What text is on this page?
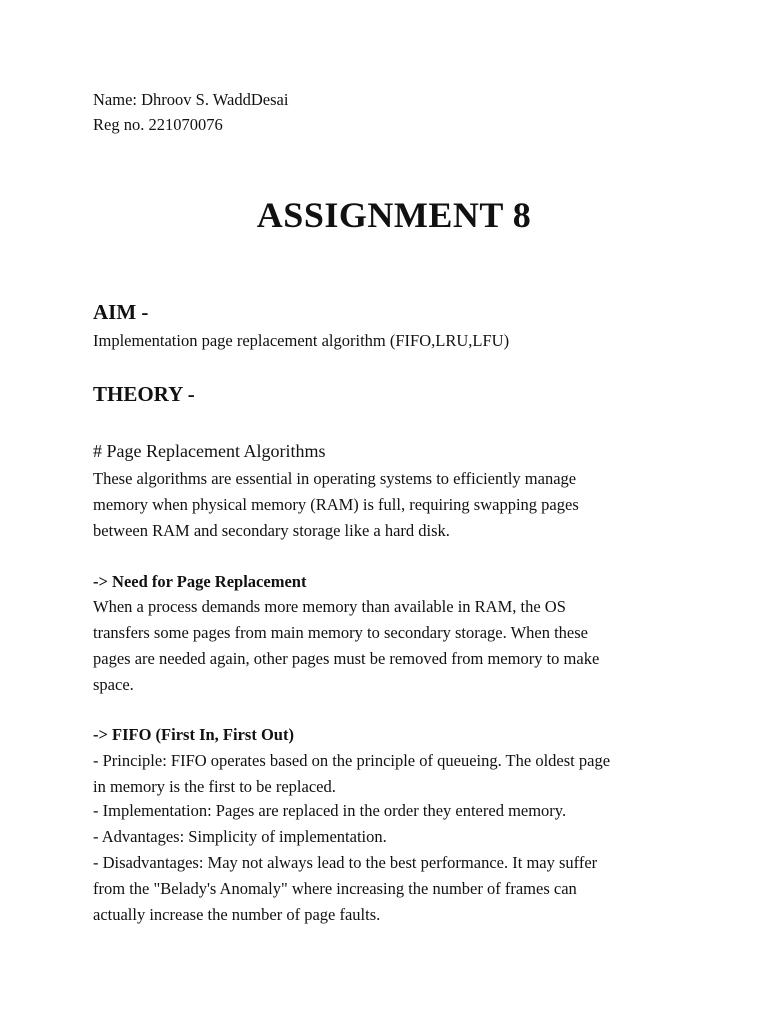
Name: Dhroov S. WaddDesai
Reg no. 221070076
ASSIGNMENT 8
AIM -
Implementation page replacement algorithm (FIFO,LRU,LFU)
THEORY -
# Page Replacement Algorithms
These algorithms are essential in operating systems to efficiently manage
memory when physical memory (RAM) is full, requiring swapping pages
between RAM and secondary storage like a hard disk.
-> Need for Page Replacement
When a process demands more memory than available in RAM, the OS
transfers some pages from main memory to secondary storage. When these
pages are needed again, other pages must be removed from memory to make
space.
-> FIFO (First In, First Out)
- Principle: FIFO operates based on the principle of queueing. The oldest page
in memory is the first to be replaced.
- Implementation: Pages are replaced in the order they entered memory.
- Advantages: Simplicity of implementation.
- Disadvantages: May not always lead to the best performance. It may suffer
from the "Belady's Anomaly" where increasing the number of frames can
actually increase the number of page faults.
